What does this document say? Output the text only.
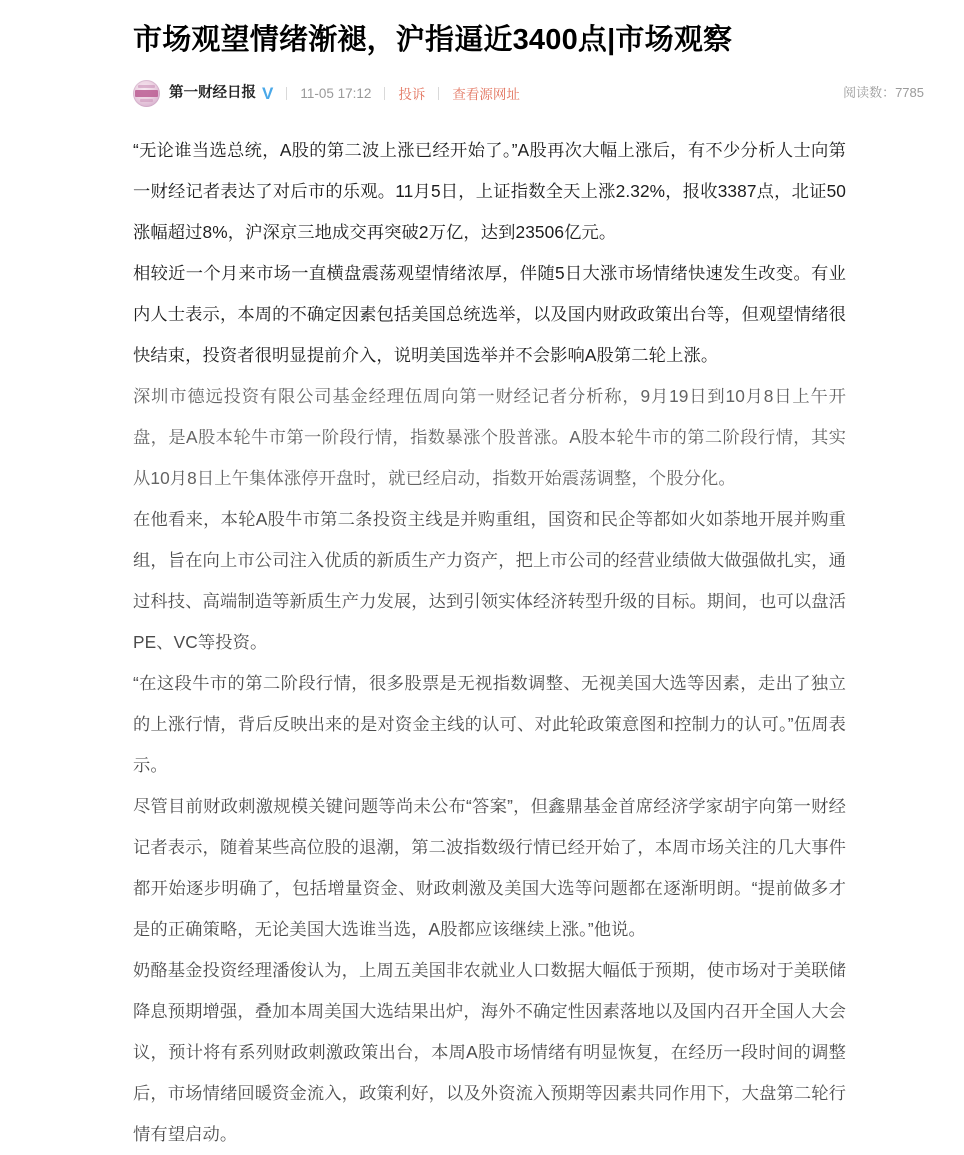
市场观望情绪渐褪，沪指逼近3400点|市场观察
第一财经日报 V 11-05 17:12 投诉 查看源网址	阅读数：7785

“无论谁当选总统，A股的第二波上涨已经开始了。”A股再次大幅上涨后，有不少分析人士向第一财经记者表达了对后市的乐观。11月5日，上证指数全天上涨2.32%，报收3387点，北证50涨幅超过8%，沪深京三地成交再突破2万亿，达到23506亿元。

相较近一个月来市场一直横盘震荡观望情绪浓厚，伴随5日大涨市场情绪快速发生改变。有业内人士表示，本周的不确定因素包括美国总统选举，以及国内财政政策出台等，但观望情绪很快结束，投资者很明显提前介入，说明美国选举并不会影响A股第二轮上涨。

深圳市德远投资有限公司基金经理伍周向第一财经记者分析称，9月19日到10月8日上午开盘，是A股本轮牛市第一阶段行情，指数暴涨个股普涨。A股本轮牛市的第二阶段行情，其实从10月8日上午集体涨停开盘时，就已经启动，指数开始震荡调整，个股分化。

在他看来，本轮A股牛市第二条投资主线是并购重组，国资和民企等都如火如荼地开展并购重组，旨在向上市公司注入优质的新质生产力资产，把上市公司的经营业绩做大做强做扎实，通过科技、高端制造等新质生产力发展，达到引领实体经济转型升级的目标。期间，也可以盘活PE、VC等投资。

“在这段牛市的第二阶段行情，很多股票是无视指数调整、无视美国大选等因素，走出了独立的上涨行情，背后反映出来的是对资金主线的认可、对此轮政策意图和控制力的认可。”伍周表示。

尽管目前财政刺激规模关键问题等尚未公布“答案”，但鑫鼎基金首席经济学家胡宇向第一财经记者表示，随着某些高位股的退潮，第二波指数级行情已经开始了，本周市场关注的几大事件都开始逐步明确了，包括增量资金、财政刺激及美国大选等问题都在逐渐明朗。“提前做多才是的正确策略，无论美国大选谁当选，A股都应该继续上涨。”他说。

奶酪基金投资经理潘俊认为，上周五美国非农就业人口数据大幅低于预期，使市场对于美联储降息预期增强，叠加本周美国大选结果出炉，海外不确定性因素落地以及国内召开全国人大会议，预计将有系列财政刺激政策出台，本周A股市场情绪有明显恢复，在经历一段时间的调整后，市场情绪回暖资金流入，政策利好，以及外资流入预期等因素共同作用下，大盘第二轮行情有望启动。
